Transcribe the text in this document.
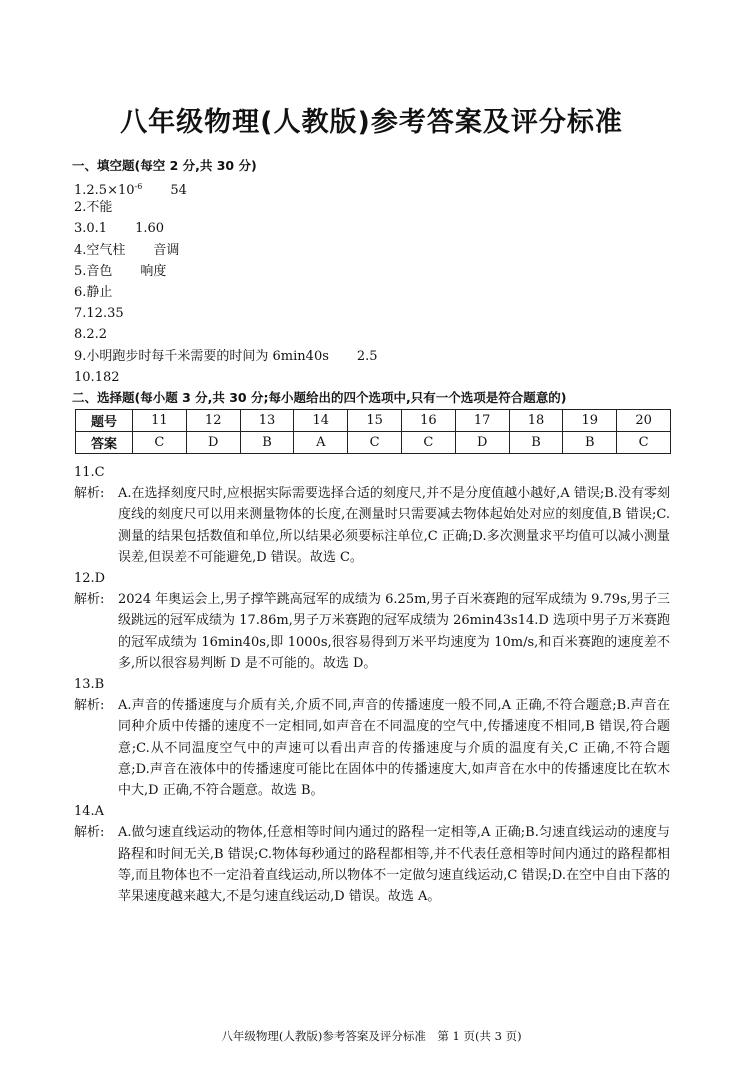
八年级物理(人教版)参考答案及评分标准
一、填空题(每空 2 分,共 30 分)
$1.2.5\times 10^{-6}$ 54
2.不能
3.0.1 1.60
4.空气柱 音调
5.音色 响度
6.静止
7.12.35
8.2.2
9.小明跑步时每千米需要的时间为 6min40s 2.5
10.182
二、选择题(每小题 3 分,共 30 分;每小题给出的四个选项中,只有一个选项是符合题意的)
题号	11	12	13	14	15	16	17	18	19	20
答案	C	D	B	A	C	C	D	B	B	C
11.C
解析: A.在选择刻度尺时,应根据实际需要选择合适的刻度尺,并不是分度值越小越好,A 错误;B.没有零刻度线的刻度尺可以用来测量物体的长度,在测量时只需要减去物体起始处对应的刻度值,B 错误;C.测量的结果包括数值和单位,所以结果必须要标注单位,C 正确;D.多次测量求平均值可以减小测量误差,但误差不可能避免,D 错误。故选 C。
12.D
解析: 2024 年奥运会上,男子撑竿跳高冠军的成绩为 6.25m,男子百米赛跑的冠军成绩为 9.79s,男子三级跳远的冠军成绩为 17.86m,男子万米赛跑的冠军成绩为 26min43s14.D 选项中男子万米赛跑的冠军成绩为 16min40s,即 1000s,很容易得到万米平均速度为 10m/s,和百米赛跑的速度差不多,所以很容易判断 D 是不可能的。故选 D。
13.B
解析: A.声音的传播速度与介质有关,介质不同,声音的传播速度一般不同,A 正确,不符合题意;B.声音在同种介质中传播的速度不一定相同,如声音在不同温度的空气中,传播速度不相同,B 错误,符合题意;C.从不同温度空气中的声速可以看出声音的传播速度与介质的温度有关,C 正确,不符合题意;D.声音在液体中的传播速度可能比在固体中的传播速度大,如声音在水中的传播速度比在软木中大,D 正确,不符合题意。故选 B。
14.A
解析: A.做匀速直线运动的物体,任意相等时间内通过的路程一定相等,A 正确;B.匀速直线运动的速度与路程和时间无关,B 错误;C.物体每秒通过的路程都相等,并不代表任意相等时间内通过的路程都相等,而且物体也不一定沿着直线运动,所以物体不一定做匀速直线运动,C 错误;D.在空中自由下落的苹果速度越来越大,不是匀速直线运动,D 错误。故选 A。
八年级物理(人教版)参考答案及评分标准　第 1 页(共 3 页)
